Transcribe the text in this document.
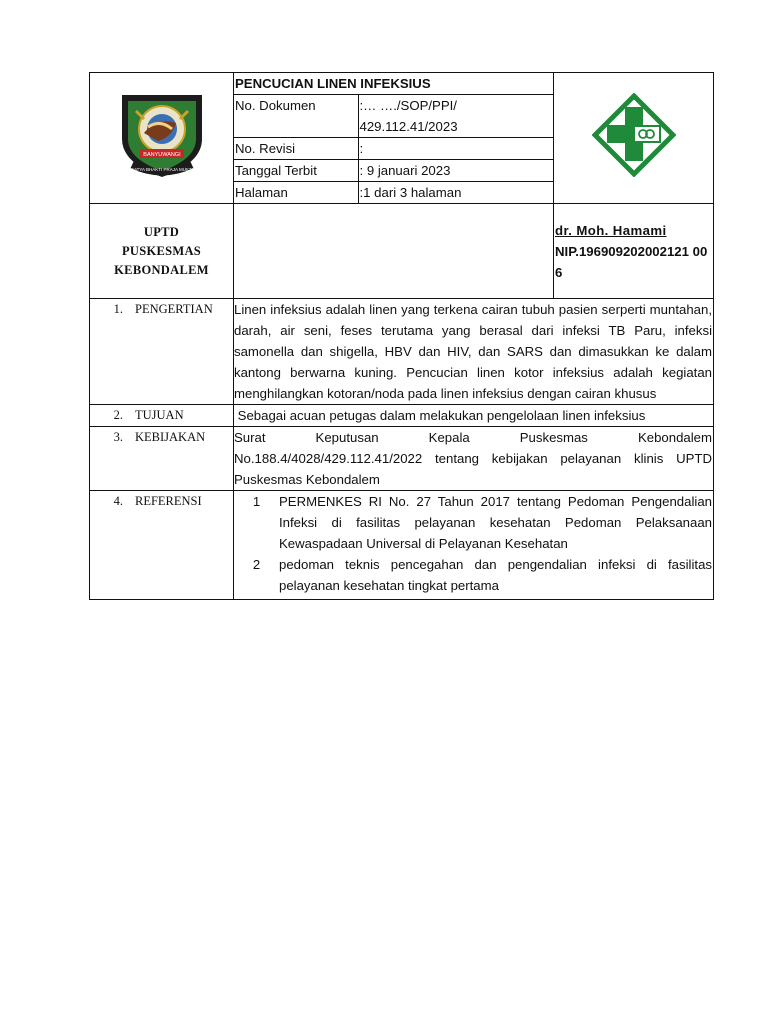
BANYUWANGI
SATYA BHAKTI PRAJA MUKTI

PENCUCIAN LINEN INFEKSIUS
No. Dokumen	:… …./SOP/PPI/
429.112.41/2023

No. Revisi	:
Tanggal Terbit	: 9 januari 2023
Halaman	:1 dari 3 halaman

UPTD
PUSKESMAS
KEBONDALEM

dr. Moh. Hamami
NIP.196909202002121 006

1. PENGERTIAN	Linen infeksius adalah linen yang terkena cairan tubuh pasien serperti muntahan, darah, air seni, feses terutama yang berasal dari infeksi TB Paru, infeksi samonella dan shigella, HBV dan HIV, dan SARS dan dimasukkan ke dalam kantong berwarna kuning. Pencucian linen kotor infeksius adalah kegiatan menghilangkan kotoran/noda pada linen infeksius dengan cairan khusus
2. TUJUAN	Sebagai acuan petugas dalam melakukan pengelolaan linen infeksius
3. KEBIJAKAN	Surat Keputusan Kepala Puskesmas Kebondalem No.188.4/4028/429.112.41/2022 tentang kebijakan pelayanan klinis UPTD Puskesmas Kebondalem
4. REFERENSI	1	PERMENKES RI No. 27 Tahun 2017 tentang Pedoman Pengendalian Infeksi di fasilitas pelayanan kesehatan Pedoman Pelaksanaan Kewaspadaan Universal di Pelayanan Kesehatan
2	pedoman teknis pencegahan dan pengendalian infeksi di fasilitas pelayanan kesehatan tingkat pertama
